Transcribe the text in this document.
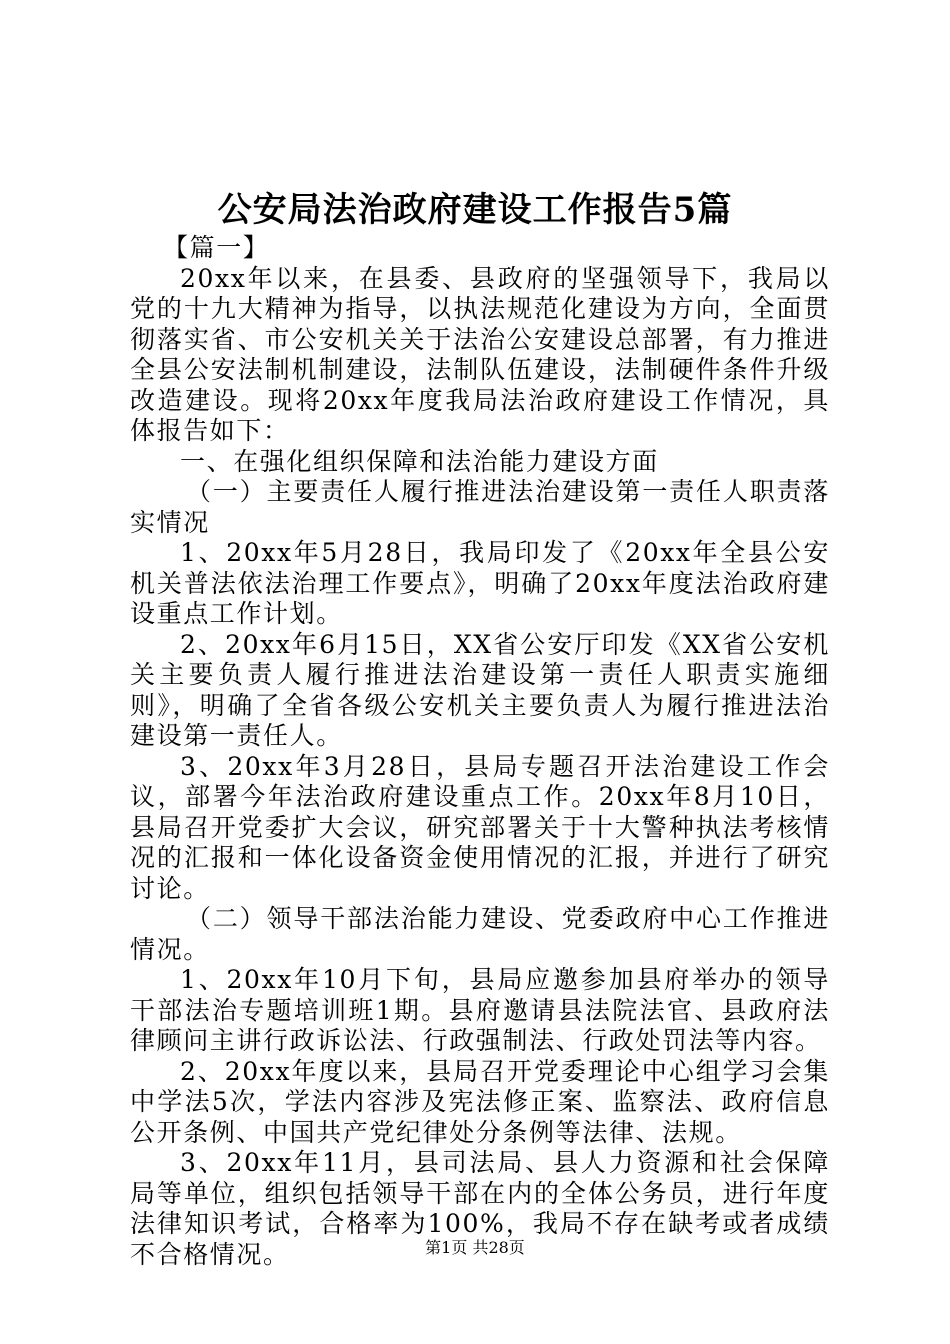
公安局法治政府建设工作报告5篇

【篇一】

20xx年以来，在县委、县政府的坚强领导下，我局以党的十九大精神为指导，以执法规范化建设为方向，全面贯彻落实省、市公安机关关于法治公安建设总部署，有力推进全县公安法制机制建设，法制队伍建设，法制硬件条件升级改造建设。现将20xx年度我局法治政府建设工作情况，具体报告如下：

一、在强化组织保障和法治能力建设方面

（一）主要责任人履行推进法治建设第一责任人职责落实情况

1、20xx年5月28日，我局印发了《20xx年全县公安机关普法依法治理工作要点》，明确了20xx年度法治政府建设重点工作计划。

2、20xx年6月15日，XX省公安厅印发《XX省公安机关主要负责人履行推进法治建设第一责任人职责实施细则》，明确了全省各级公安机关主要负责人为履行推进法治建设第一责任人。

3、20xx年3月28日，县局专题召开法治建设工作会议，部署今年法治政府建设重点工作。20xx年8月10日，县局召开党委扩大会议，研究部署关于十大警种执法考核情况的汇报和一体化设备资金使用情况的汇报，并进行了研究讨论。

（二）领导干部法治能力建设、党委政府中心工作推进情况。

1、20xx年10月下旬，县局应邀参加县府举办的领导干部法治专题培训班1期。县府邀请县法院法官、县政府法律顾问主讲行政诉讼法、行政强制法、行政处罚法等内容。

2、20xx年度以来，县局召开党委理论中心组学习会集中学法5次，学法内容涉及宪法修正案、监察法、政府信息公开条例、中国共产党纪律处分条例等法律、法规。

3、20xx年11月，县司法局、县人力资源和社会保障局等单位，组织包括领导干部在内的全体公务员，进行年度法律知识考试，合格率为100%，我局不存在缺考或者成绩不合格情况。	第1页 共28页
